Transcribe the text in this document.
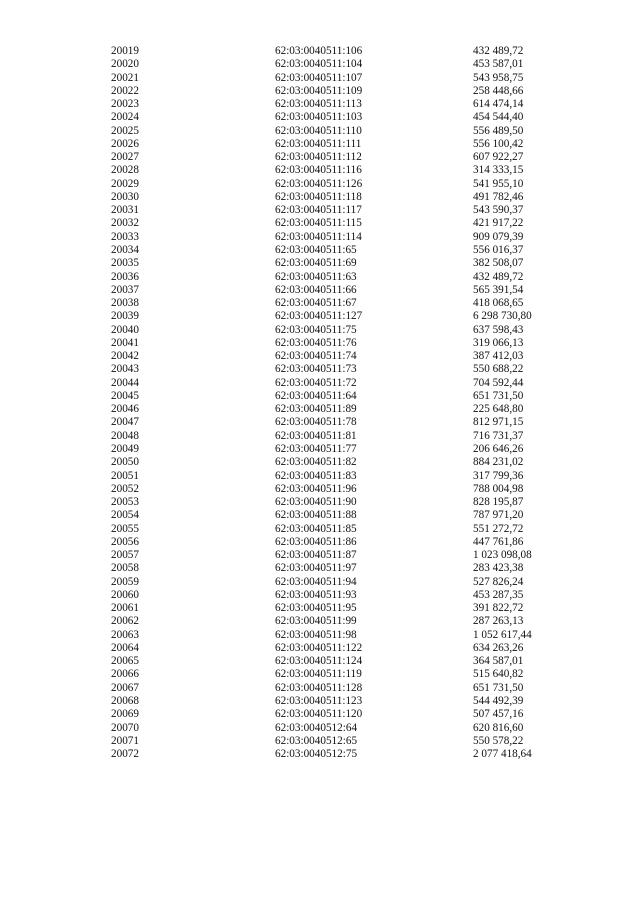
20019	62:03:0040511:106	432 489,72
20020	62:03:0040511:104	453 587,01
20021	62:03:0040511:107	543 958,75
20022	62:03:0040511:109	258 448,66
20023	62:03:0040511:113	614 474,14
20024	62:03:0040511:103	454 544,40
20025	62:03:0040511:110	556 489,50
20026	62:03:0040511:111	556 100,42
20027	62:03:0040511:112	607 922,27
20028	62:03:0040511:116	314 333,15
20029	62:03:0040511:126	541 955,10
20030	62:03:0040511:118	491 782,46
20031	62:03:0040511:117	543 590,37
20032	62:03:0040511:115	421 917,22
20033	62:03:0040511:114	909 079,39
20034	62:03:0040511:65	556 016,37
20035	62:03:0040511:69	382 508,07
20036	62:03:0040511:63	432 489,72
20037	62:03:0040511:66	565 391,54
20038	62:03:0040511:67	418 068,65
20039	62:03:0040511:127	6 298 730,80
20040	62:03:0040511:75	637 598,43
20041	62:03:0040511:76	319 066,13
20042	62:03:0040511:74	387 412,03
20043	62:03:0040511:73	550 688,22
20044	62:03:0040511:72	704 592,44
20045	62:03:0040511:64	651 731,50
20046	62:03:0040511:89	225 648,80
20047	62:03:0040511:78	812 971,15
20048	62:03:0040511:81	716 731,37
20049	62:03:0040511:77	206 646,26
20050	62:03:0040511:82	884 231,02
20051	62:03:0040511:83	317 799,36
20052	62:03:0040511:96	788 004,98
20053	62:03:0040511:90	828 195,87
20054	62:03:0040511:88	787 971,20
20055	62:03:0040511:85	551 272,72
20056	62:03:0040511:86	447 761,86
20057	62:03:0040511:87	1 023 098,08
20058	62:03:0040511:97	283 423,38
20059	62:03:0040511:94	527 826,24
20060	62:03:0040511:93	453 287,35
20061	62:03:0040511:95	391 822,72
20062	62:03:0040511:99	287 263,13
20063	62:03:0040511:98	1 052 617,44
20064	62:03:0040511:122	634 263,26
20065	62:03:0040511:124	364 587,01
20066	62:03:0040511:119	515 640,82
20067	62:03:0040511:128	651 731,50
20068	62:03:0040511:123	544 492,39
20069	62:03:0040511:120	507 457,16
20070	62:03:0040512:64	620 816,60
20071	62:03:0040512:65	550 578,22
20072	62:03:0040512:75	2 077 418,64
